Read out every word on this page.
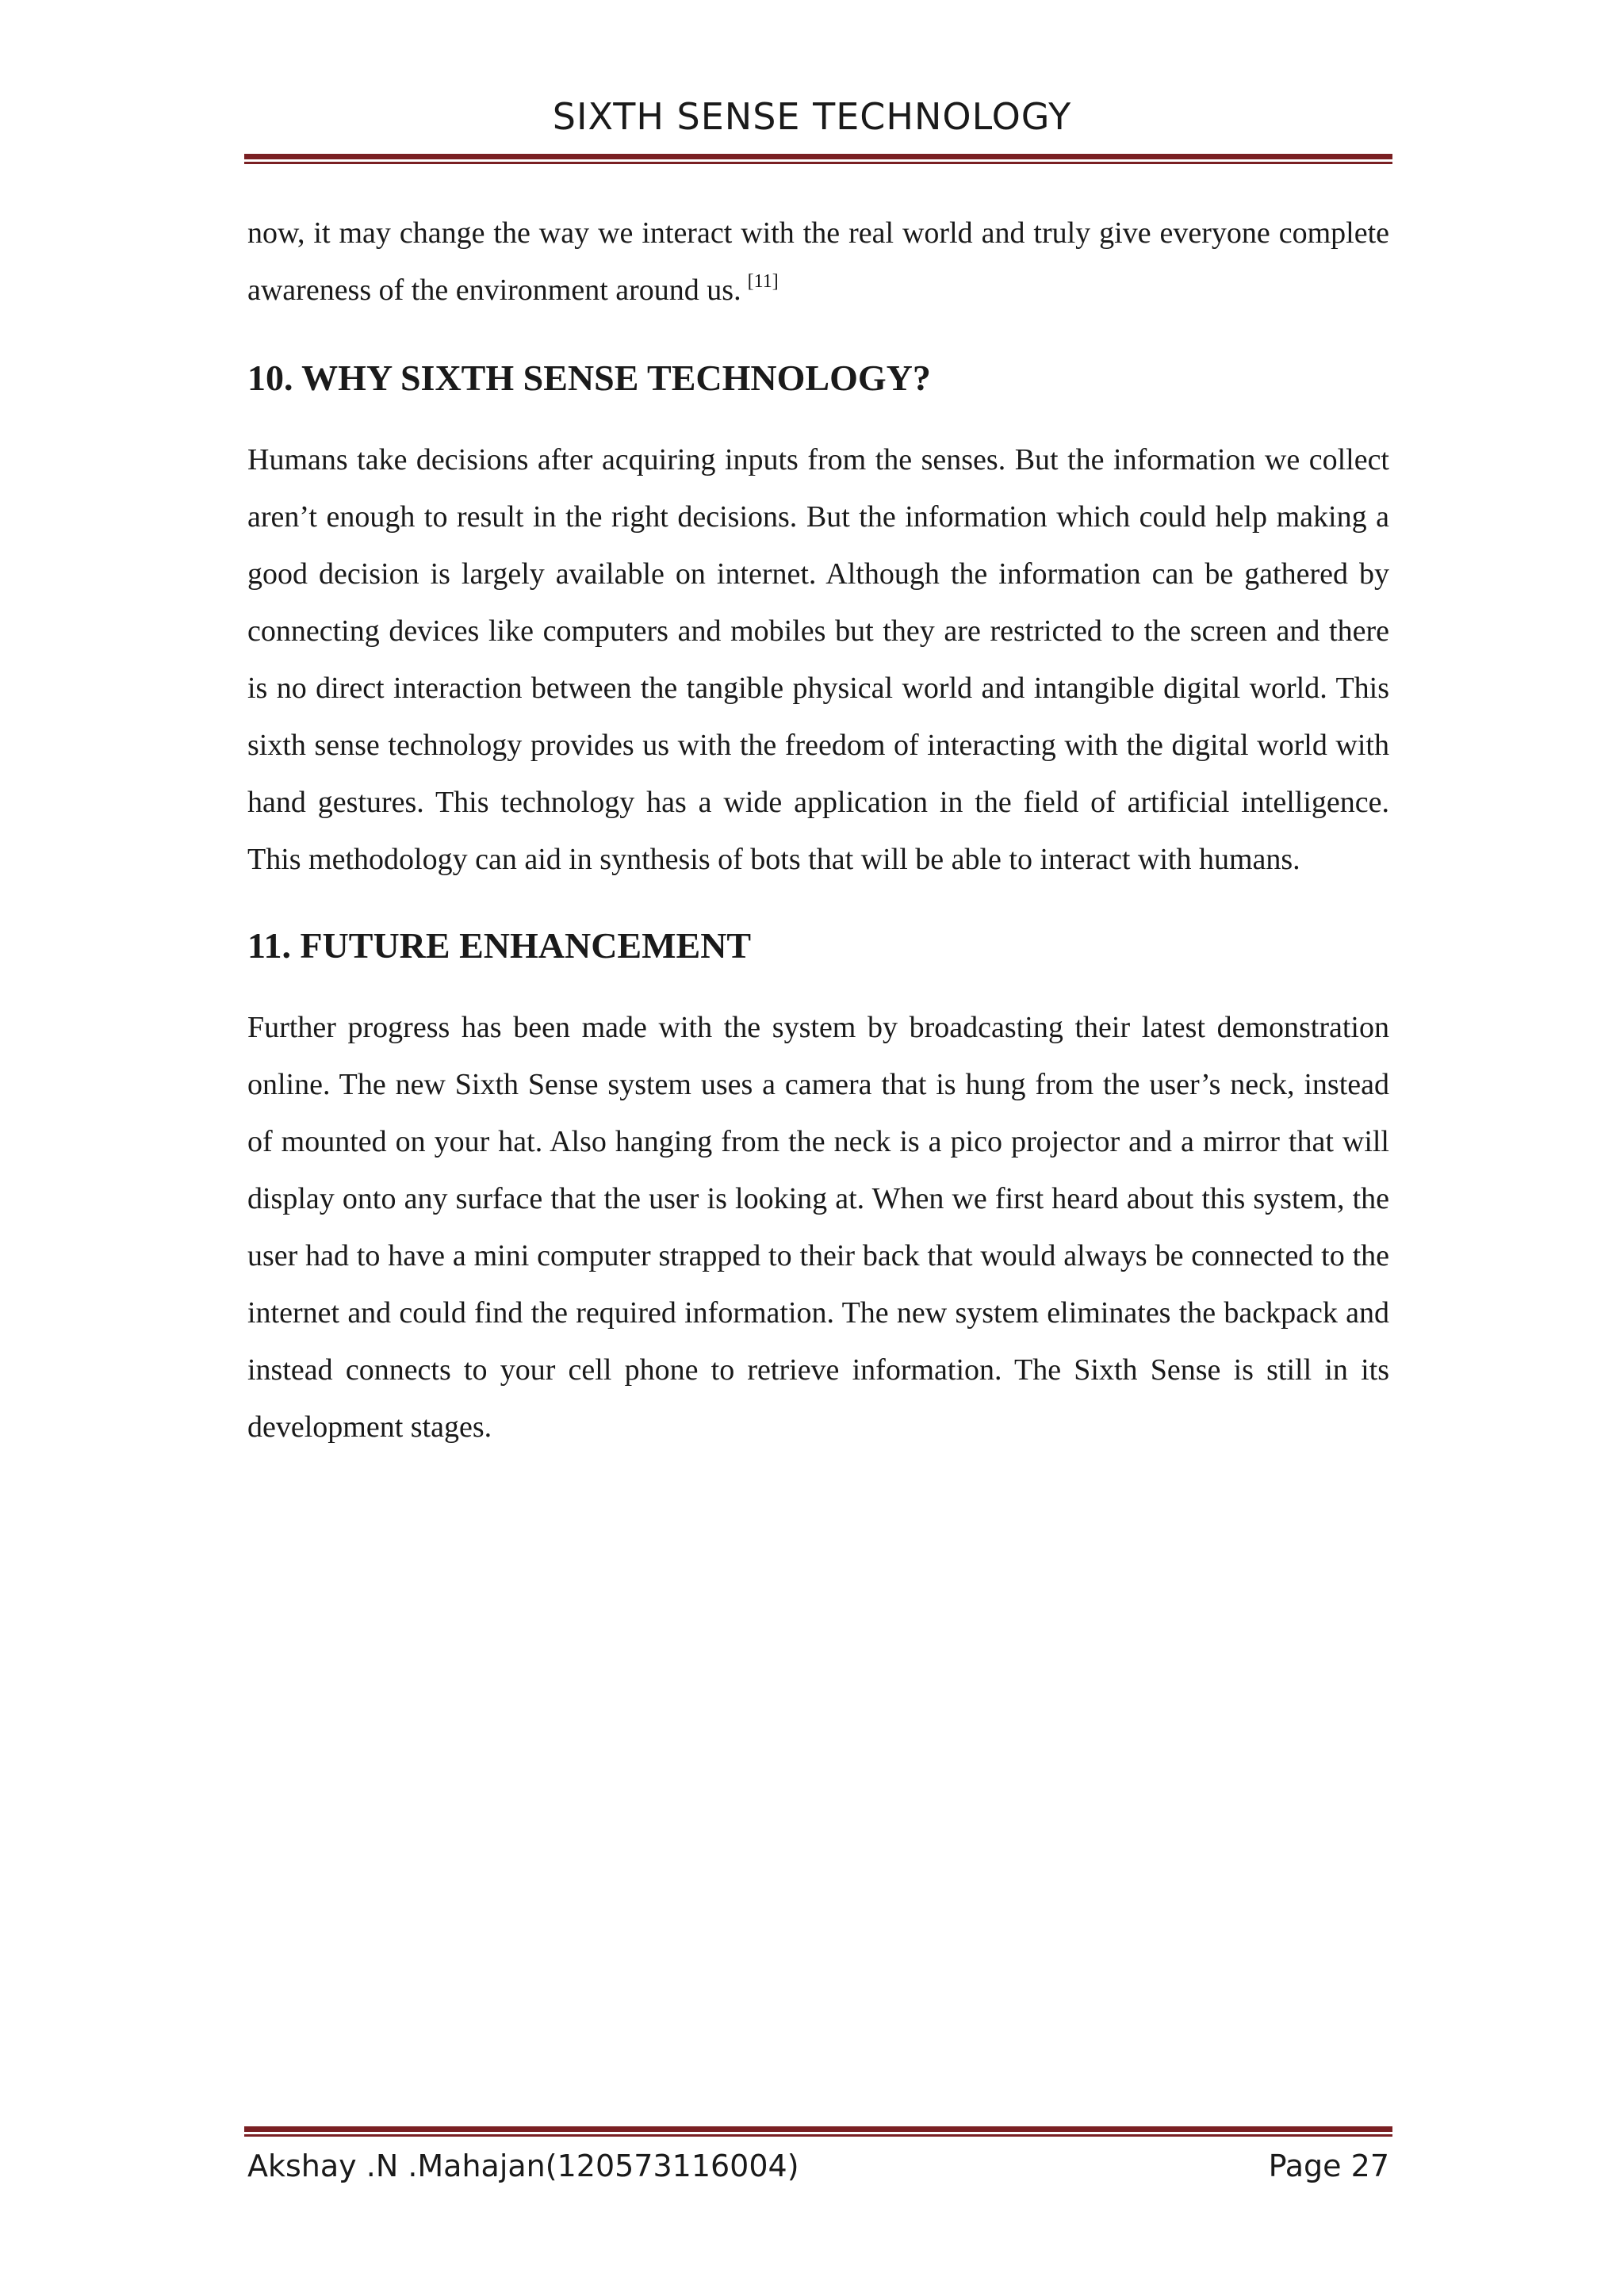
SIXTH SENSE TECHNOLOGY

now, it may change the way we interact with the real world and truly give everyone complete awareness of the environment around us. [11]

10. WHY SIXTH SENSE TECHNOLOGY?

Humans take decisions after acquiring inputs from the senses. But the information we collect aren’t enough to result in the right decisions. But the information which could help making a good decision is largely available on internet. Although the information can be gathered by connecting devices like computers and mobiles but they are restricted to the screen and there is no direct interaction between the tangible physical world and intangible digital world. This sixth sense technology provides us with the freedom of interacting with the digital world with hand gestures. This technology has a wide application in the field of artificial intelligence. This methodology can aid in synthesis of bots that will be able to interact with humans.

11. FUTURE ENHANCEMENT

Further progress has been made with the system by broadcasting their latest demonstration online. The new Sixth Sense system uses a camera that is hung from the user’s neck, instead of mounted on your hat. Also hanging from the neck is a pico projector and a mirror that will display onto any surface that the user is looking at. When we first heard about this system, the user had to have a mini computer strapped to their back that would always be connected to the internet and could find the required information. The new system eliminates the backpack and instead connects to your cell phone to retrieve information. The Sixth Sense is still in its development stages.

Akshay .N .Mahajan(120573116004)	Page 27
